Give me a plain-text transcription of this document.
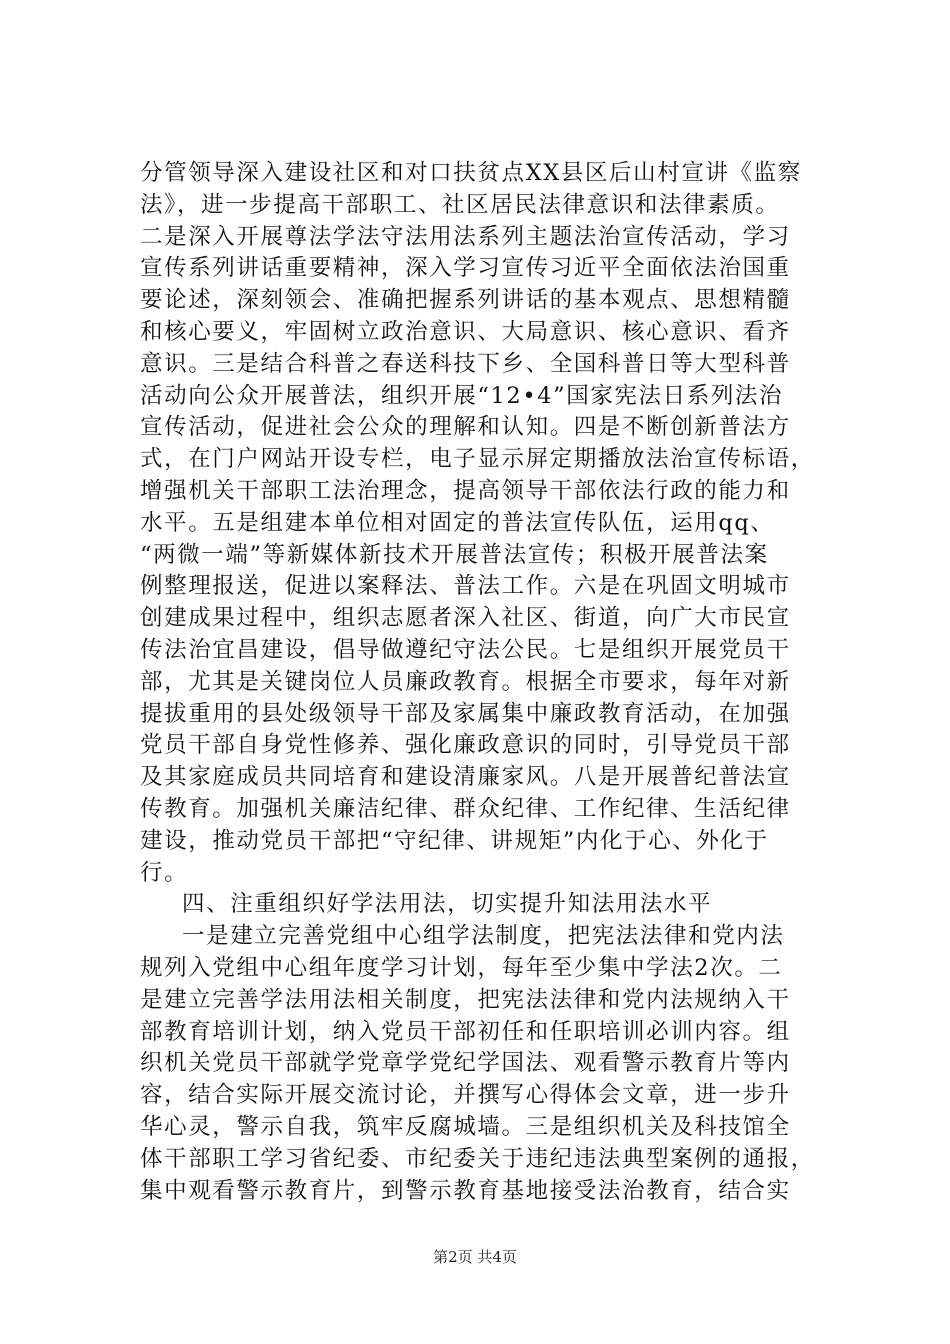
分管领导深入建设社区和对口扶贫点XX县区后山村宣讲《监察
法》，进一步提高干部职工、社区居民法律意识和法律素质。
二是深入开展尊法学法守法用法系列主题法治宣传活动，学习
宣传系列讲话重要精神，深入学习宣传习近平全面依法治国重
要论述，深刻领会、准确把握系列讲话的基本观点、思想精髓
和核心要义，牢固树立政治意识、大局意识、核心意识、看齐
意识。三是结合科普之春送科技下乡、全国科普日等大型科普
活动向公众开展普法，组织开展“12•4”国家宪法日系列法治
宣传活动，促进社会公众的理解和认知。四是不断创新普法方
式，在门户网站开设专栏，电子显示屏定期播放法治宣传标语，
增强机关干部职工法治理念，提高领导干部依法行政的能力和
水平。五是组建本单位相对固定的普法宣传队伍，运用qq、
“两微一端”等新媒体新技术开展普法宣传；积极开展普法案
例整理报送，促进以案释法、普法工作。六是在巩固文明城市
创建成果过程中，组织志愿者深入社区、街道，向广大市民宣
传法治宜昌建设，倡导做遵纪守法公民。七是组织开展党员干
部，尤其是关键岗位人员廉政教育。根据全市要求，每年对新
提拔重用的县处级领导干部及家属集中廉政教育活动，在加强
党员干部自身党性修养、强化廉政意识的同时，引导党员干部
及其家庭成员共同培育和建设清廉家风。八是开展普纪普法宣
传教育。加强机关廉洁纪律、群众纪律、工作纪律、生活纪律
建设，推动党员干部把“守纪律、讲规矩”内化于心、外化于
行。
四、注重组织好学法用法，切实提升知法用法水平
一是建立完善党组中心组学法制度，把宪法法律和党内法
规列入党组中心组年度学习计划，每年至少集中学法2次。二
是建立完善学法用法相关制度，把宪法法律和党内法规纳入干
部教育培训计划，纳入党员干部初任和任职培训必训内容。组
织机关党员干部就学党章学党纪学国法、观看警示教育片等内
容，结合实际开展交流讨论，并撰写心得体会文章，进一步升
华心灵，警示自我，筑牢反腐城墙。三是组织机关及科技馆全
体干部职工学习省纪委、市纪委关于违纪违法典型案例的通报，
集中观看警示教育片，到警示教育基地接受法治教育，结合实
第2页 共4页
